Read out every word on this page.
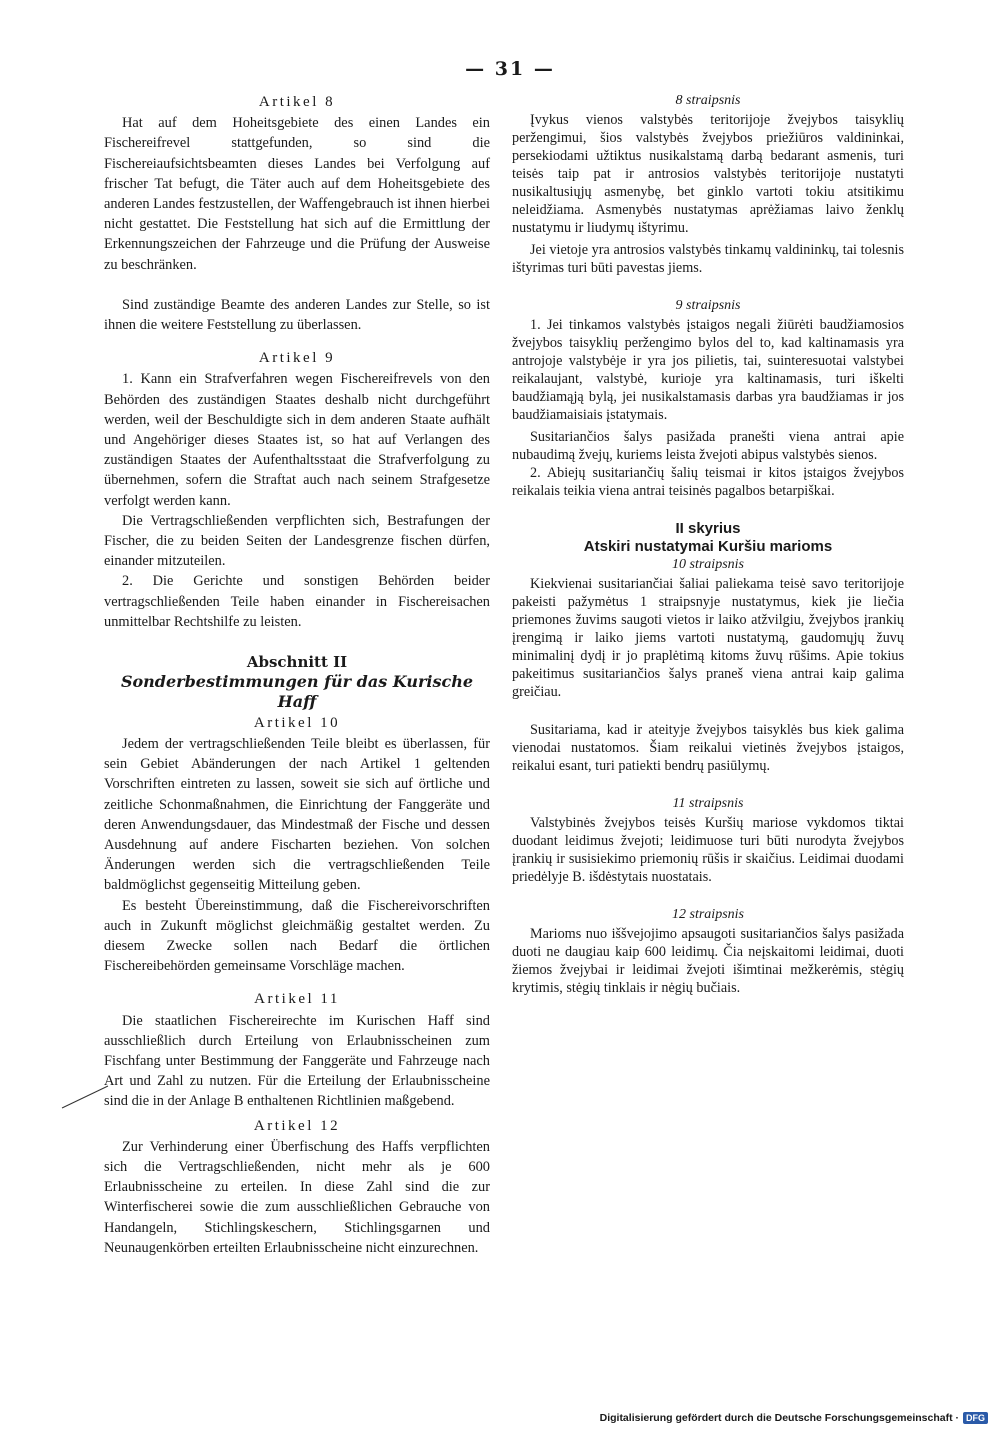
— 31 —
Artikel 8

Hat auf dem Hoheitsgebiete des einen Landes ein Fischereifrevel stattgefunden, so sind die Fischereiaufsichtsbeamten dieses Landes bei Verfolgung auf frischer Tat befugt, die Täter auch auf dem Hoheitsgebiete des anderen Landes festzustellen, der Waffengebrauch ist ihnen hierbei nicht gestattet. Die Feststellung hat sich auf die Ermittlung der Erkennungszeichen der Fahrzeuge und die Prüfung der Ausweise zu beschränken.

Sind zuständige Beamte des anderen Landes zur Stelle, so ist ihnen die weitere Feststellung zu überlassen.

Artikel 9

1. Kann ein Strafverfahren wegen Fischereifrevels von den Behörden des zuständigen Staates deshalb nicht durchgeführt werden, weil der Beschuldigte sich in dem anderen Staate aufhält und Angehöriger dieses Staates ist, so hat auf Verlangen des zuständigen Staates der Aufenthaltsstaat die Strafverfolgung zu übernehmen, sofern die Straftat auch nach seinem Strafgesetze verfolgt werden kann.

Die Vertragschließenden verpflichten sich, Bestrafungen der Fischer, die zu beiden Seiten der Landesgrenze fischen dürfen, einander mitzuteilen.

2. Die Gerichte und sonstigen Behörden beider vertragschließenden Teile haben einander in Fischereisachen unmittelbar Rechtshilfe zu leisten.

Abschnitt II
Sonderbestimmungen für das Kurische Haff
Artikel 10

Jedem der vertragschließenden Teile bleibt es überlassen, für sein Gebiet Abänderungen der nach Artikel 1 geltenden Vorschriften eintreten zu lassen, soweit sie sich auf örtliche und zeitliche Schonmaßnahmen, die Einrichtung der Fanggeräte und deren Anwendungsdauer, das Mindestmaß der Fische und dessen Ausdehnung auf andere Fischarten beziehen. Von solchen Änderungen werden sich die vertragschließenden Teile baldmöglichst gegenseitig Mitteilung geben.

Es besteht Übereinstimmung, daß die Fischereivorschriften auch in Zukunft möglichst gleichmäßig gestaltet werden. Zu diesem Zwecke sollen nach Bedarf die örtlichen Fischereibehörden gemeinsame Vorschläge machen.

Artikel 11

Die staatlichen Fischereirechte im Kurischen Haff sind ausschließlich durch Erteilung von Erlaubnisscheinen zum Fischfang unter Bestimmung der Fanggeräte und Fahrzeuge nach Art und Zahl zu nutzen. Für die Erteilung der Erlaubnisscheine sind die in der Anlage B enthaltenen Richtlinien maßgebend.

Artikel 12

Zur Verhinderung einer Überfischung des Haffs verpflichten sich die Vertragschließenden, nicht mehr als je 600 Erlaubnisscheine zu erteilen. In diese Zahl sind die zur Winterfischerei sowie die zum ausschließlichen Gebrauche von Handangeln, Stichlingskeschern, Stichlingsgarnen und Neunaugenkörben erteilten Erlaubnisscheine nicht einzurechnen.

8 straipsnis

Įvykus vienos valstybės teritorijoje žvejybos taisyklių peržengimui, šios valstybės žvejybos priežiūros valdininkai, persekiodami užtiktus nusikalstamą darbą bedarant asmenis, turi teisės taip pat ir antrosios valstybės teritorijoje nustatyti nusikaltusiųjų asmenybę, bet ginklo vartoti tokiu atsitikimu neleidžiama. Asmenybės nustatymas aprėžiamas laivo ženklų nustatymu ir liudymų ištyrimu.

Jei vietoje yra antrosios valstybės tinkamų valdininkų, tai tolesnis ištyrimas turi būti pavestas jiems.

9 straipsnis

1. Jei tinkamos valstybės įstaigos negali žiūrėti baudžiamosios žvejybos taisyklių peržengimo bylos del to, kad kaltinamasis yra antrojoje valstybėje ir yra jos pilietis, tai, suinteresuotai valstybei reikalaujant, valstybė, kurioje yra kaltinamasis, turi iškelti baudžiamąją bylą, jei nusikalstamasis darbas yra baudžiamas ir jos baudžiamaisiais įstatymais.

Susitariančios šalys pasižada pranešti viena antrai apie nubaudimą žvejų, kuriems leista žvejoti abipus valstybės sienos.

2. Abiejų susitariančių šalių teismai ir kitos įstaigos žvejybos reikalais teikia viena antrai teisinės pagalbos betarpiškai.

II skyrius
Atskiri nustatymai Kuršiu marioms
10 straipsnis

Kiekvienai susitariančiai šaliai paliekama teisė savo teritorijoje pakeisti pažymėtus 1 straipsnyje nustatymus, kiek jie liečia priemones žuvims saugoti vietos ir laiko atžvilgiu, žvejybos įrankių įrengimą ir laiko jiems vartoti nustatymą, gaudomųjų žuvų minimalinį dydį ir jo praplėtimą kitoms žuvų rūšims. Apie tokius pakeitimus susitariančios šalys praneš viena antrai kaip galima greičiau.

Susitariama, kad ir ateityje žvejybos taisyklės bus kiek galima vienodai nustatomos. Šiam reikalui vietinės žvejybos įstaigos, reikalui esant, turi patiekti bendrų pasiūlymų.

11 straipsnis

Valstybinės žvejybos teisės Kuršių mariose vykdomos tiktai duodant leidimus žvejoti; leidimuose turi būti nurodyta žvejybos įrankių ir susisiekimo priemonių rūšis ir skaičius. Leidimai duodami priedėlyje B. išdėstytais nuostatais.

12 straipsnis

Marioms nuo iššvejojimo apsaugoti susitariančios šalys pasižada duoti ne daugiau kaip 600 leidimų. Čia neįskaitomi leidimai, duoti žiemos žvejybai ir leidimai žvejoti išimtinai mežkerėmis, stėgių krytimis, stėgių tinklais ir nėgių bučiais.

Digitalisierung gefördert durch die Deutsche Forschungsgemeinschaft · DFG
